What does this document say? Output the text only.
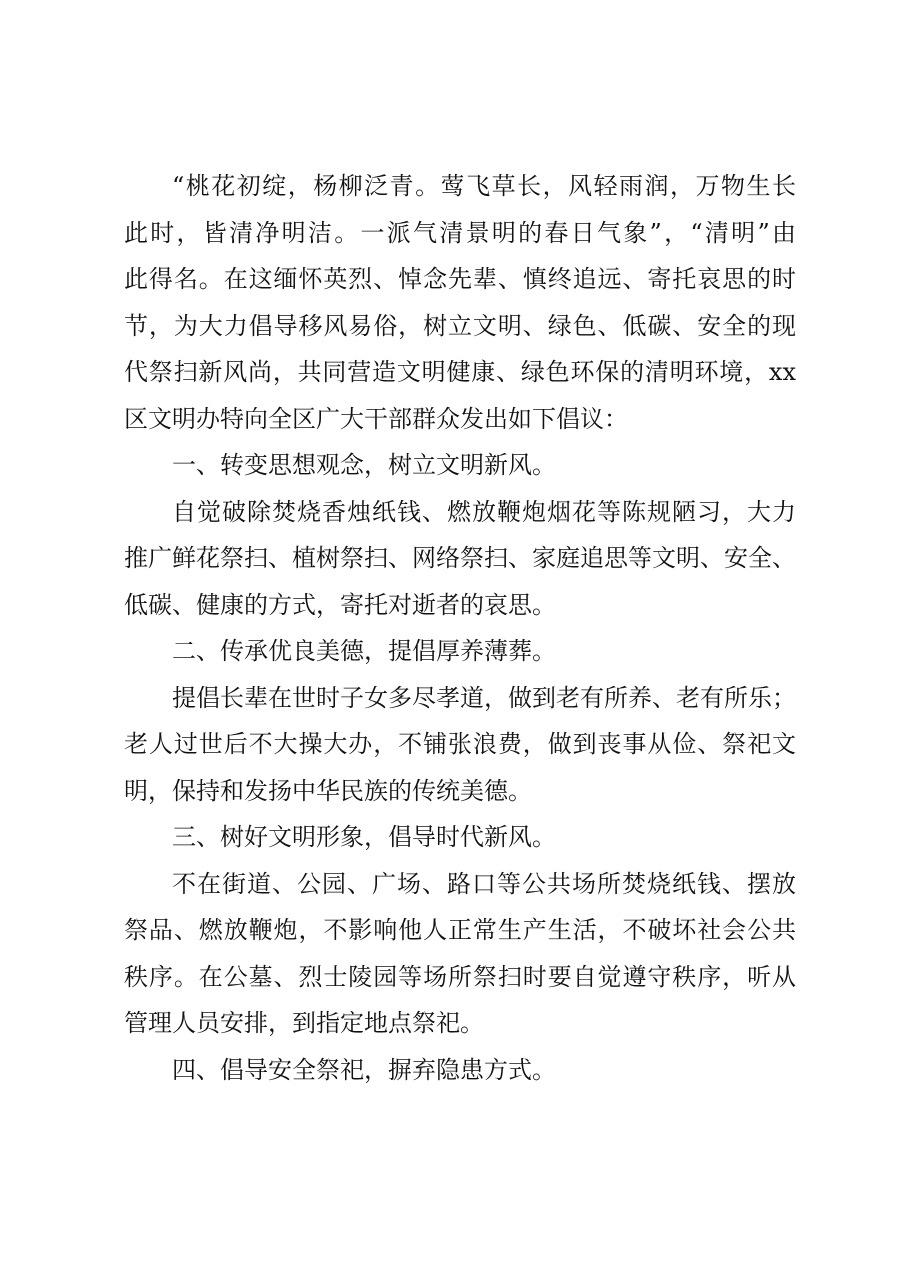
“桃花初绽，杨柳泛青。莺飞草长，风轻雨润，万物生长
此时，皆清净明洁。一派气清景明的春日气象”，“清明”由
此得名。在这缅怀英烈、悼念先辈、慎终追远、寄托哀思的时
节，为大力倡导移风易俗，树立文明、绿色、低碳、安全的现
代祭扫新风尚，共同营造文明健康、绿色环保的清明环境，xx
区文明办特向全区广大干部群众发出如下倡议：
一、转变思想观念，树立文明新风。
自觉破除焚烧香烛纸钱、燃放鞭炮烟花等陈规陋习，大力
推广鲜花祭扫、植树祭扫、网络祭扫、家庭追思等文明、安全、
低碳、健康的方式，寄托对逝者的哀思。
二、传承优良美德，提倡厚养薄葬。
提倡长辈在世时子女多尽孝道，做到老有所养、老有所乐；
老人过世后不大操大办，不铺张浪费，做到丧事从俭、祭祀文
明，保持和发扬中华民族的传统美德。
三、树好文明形象，倡导时代新风。
不在街道、公园、广场、路口等公共场所焚烧纸钱、摆放
祭品、燃放鞭炮，不影响他人正常生产生活，不破坏社会公共
秩序。在公墓、烈士陵园等场所祭扫时要自觉遵守秩序，听从
管理人员安排，到指定地点祭祀。
四、倡导安全祭祀，摒弃隐患方式。
